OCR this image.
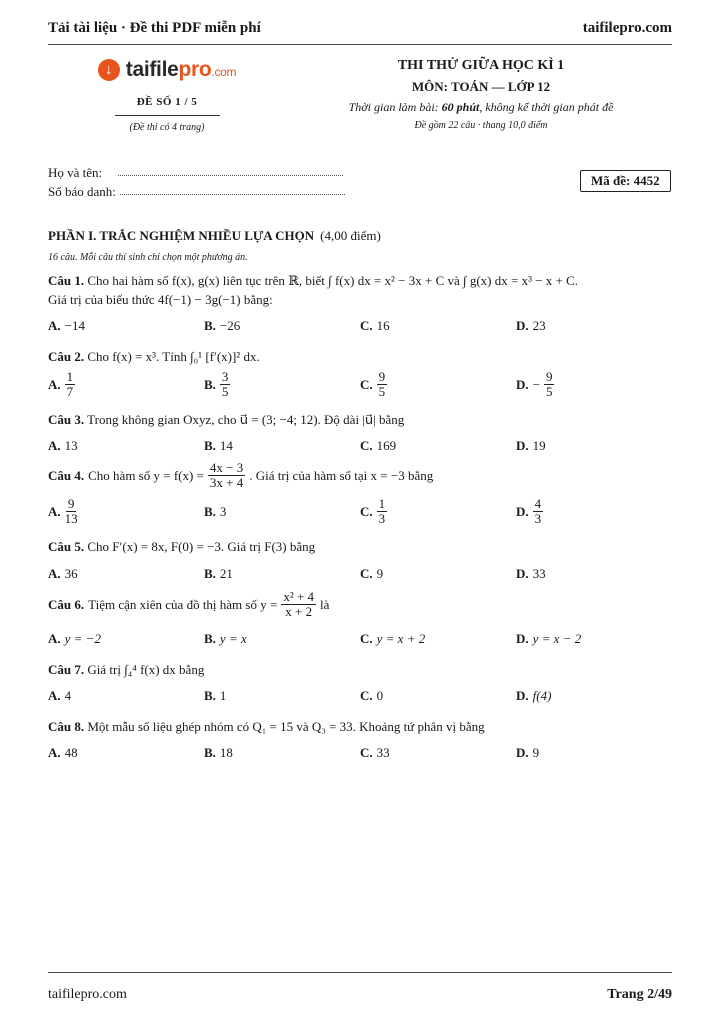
Tải tài liệu · Đề thi PDF miễn phí	taifilepro.com
↓ taifilepro.com
ĐỀ SỐ 1 / 5
(Đề thi có 4 trang)
THI THỬ GIỮA HỌC KÌ 1
MÔN: TOÁN — LỚP 12
Thời gian làm bài: 60 phút, không kể thời gian phát đề
Đề gồm 22 câu · thang 10,0 điểm
Họ và tên:
Số báo danh:
Mã đề: 4452
PHẦN I. TRẮC NGHIỆM NHIỀU LỰA CHỌN (4,00 điểm)
16 câu. Mỗi câu thí sinh chỉ chọn một phương án.
Câu 1. Cho hai hàm số f(x), g(x) liên tục trên ℝ, biết ∫ f(x) dx = x² − 3x + C và ∫ g(x) dx = x³ − x + C.
Giá trị của biểu thức 4f(−1) − 3g(−1) bằng:
A. −14	B. −26	C. 16	D. 23
Câu 2. Cho f(x) = x³. Tính ∫₀¹ [f′(x)]² dx.
A. $\frac{1}{7}$	B. $\frac{3}{5}$	C. $\frac{9}{5}$	D. − $\frac{9}{5}$
Câu 3. Trong không gian Oxyz, cho u⃗ = (3; −4; 12). Độ dài |u⃗| bằng
A. 13	B. 14	C. 169	D. 19
Câu 4. Cho hàm số $y = f(x) = \frac{4x - 3}{3x + 4}$ . Giá trị của hàm số tại x = −3 bằng
A. $\frac{9}{13}$	B. 3	C. $\frac{1}{3}$	D. $\frac{4}{3}$
Câu 5. Cho F′(x) = 8x, F(0) = −3. Giá trị F(3) bằng
A. 36	B. 21	C. 9	D. 33
Câu 6. Tiệm cận xiên của đồ thị hàm số $y = \frac{\text{x² + 4}}{x + 2}$ là
A. y = −2	B. y = x	C. y = x + 2	D. y = x − 2
Câu 7. Giá trị ∫₄⁴ f(x) dx bằng
A. 4	B. 1	C. 0	D. f(4)
Câu 8. Một mẫu số liệu ghép nhóm có Q₁ = 15 và Q₃ = 33. Khoảng tứ phân vị bằng
A. 48	B. 18	C. 33	D. 9
taifilepro.com	Trang 2/49
